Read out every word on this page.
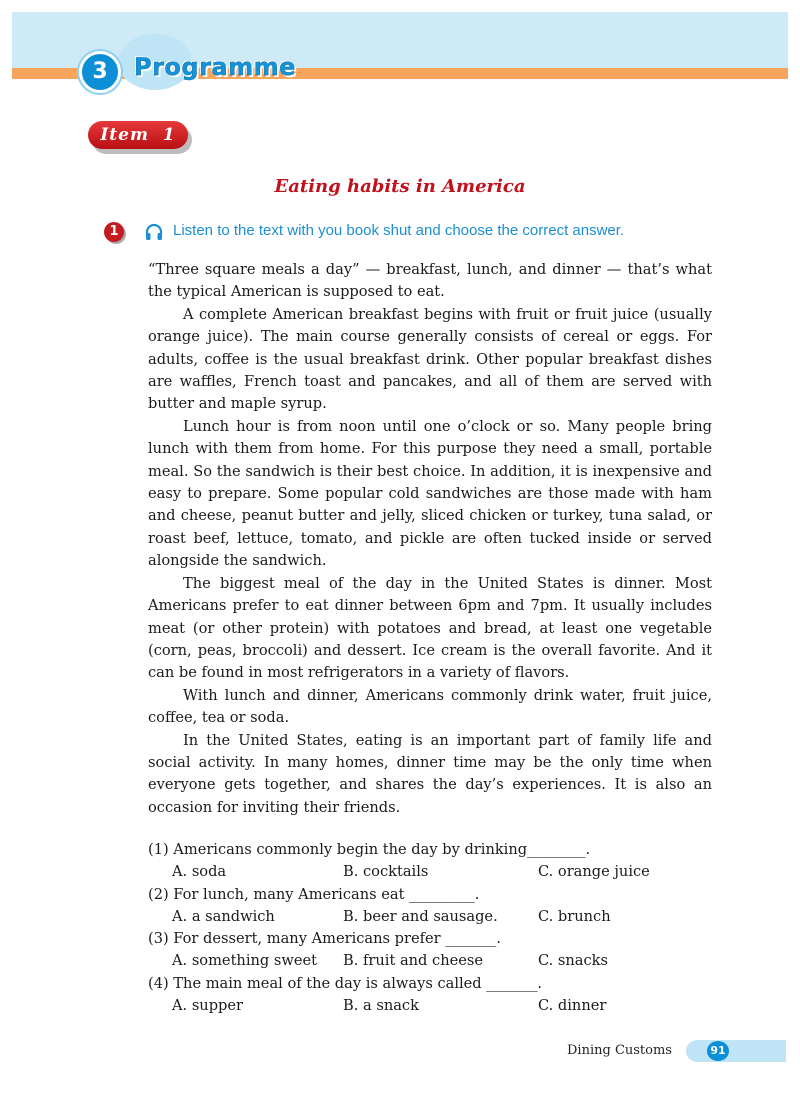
3	Programme
Item  1
Eating habits in America
1	Listen to the text with you book shut and choose the correct answer.

“Three square meals a day” — breakfast, lunch, and dinner — that’s what the typical American is supposed to eat.

A complete American breakfast begins with fruit or fruit juice (usually orange juice). The main course generally consists of cereal or eggs. For adults, coffee is the usual breakfast drink. Other popular breakfast dishes are waffles, French toast and pancakes, and all of them are served with butter and maple syrup.

Lunch hour is from noon until one o’clock or so. Many people bring lunch with them from home. For this purpose they need a small, portable meal. So the sandwich is their best choice. In addition, it is inexpensive and easy to prepare. Some popular cold sandwiches are those made with ham and cheese, peanut butter and jelly, sliced chicken or turkey, tuna salad, or roast beef, lettuce, tomato, and pickle are often tucked inside or served alongside the sandwich.

The biggest meal of the day in the United States is dinner. Most Americans prefer to eat dinner between 6pm and 7pm. It usually includes meat (or other protein) with potatoes and bread, at least one vegetable (corn, peas, broccoli) and dessert. Ice cream is the overall favorite. And it can be found in most refrigerators in a variety of flavors.

With lunch and dinner, Americans commonly drink water, fruit juice, coffee, tea or soda.

In the United States, eating is an important part of family life and social activity. In many homes, dinner time may be the only time when everyone gets together, and shares the day’s experiences. It is also an occasion for inviting their friends.

(1) Americans commonly begin the day by drinking________.
A. soda	B. cocktails	C. orange juice
(2) For lunch, many Americans eat _________.
A. a sandwich	B. beer and sausage.	C. brunch
(3) For dessert, many Americans prefer _______.
A. something sweet B. fruit and cheese	C. snacks
(4) The main meal of the day is always called _______.
A. supper	B. a snack	C. dinner
Dining Customs	91
